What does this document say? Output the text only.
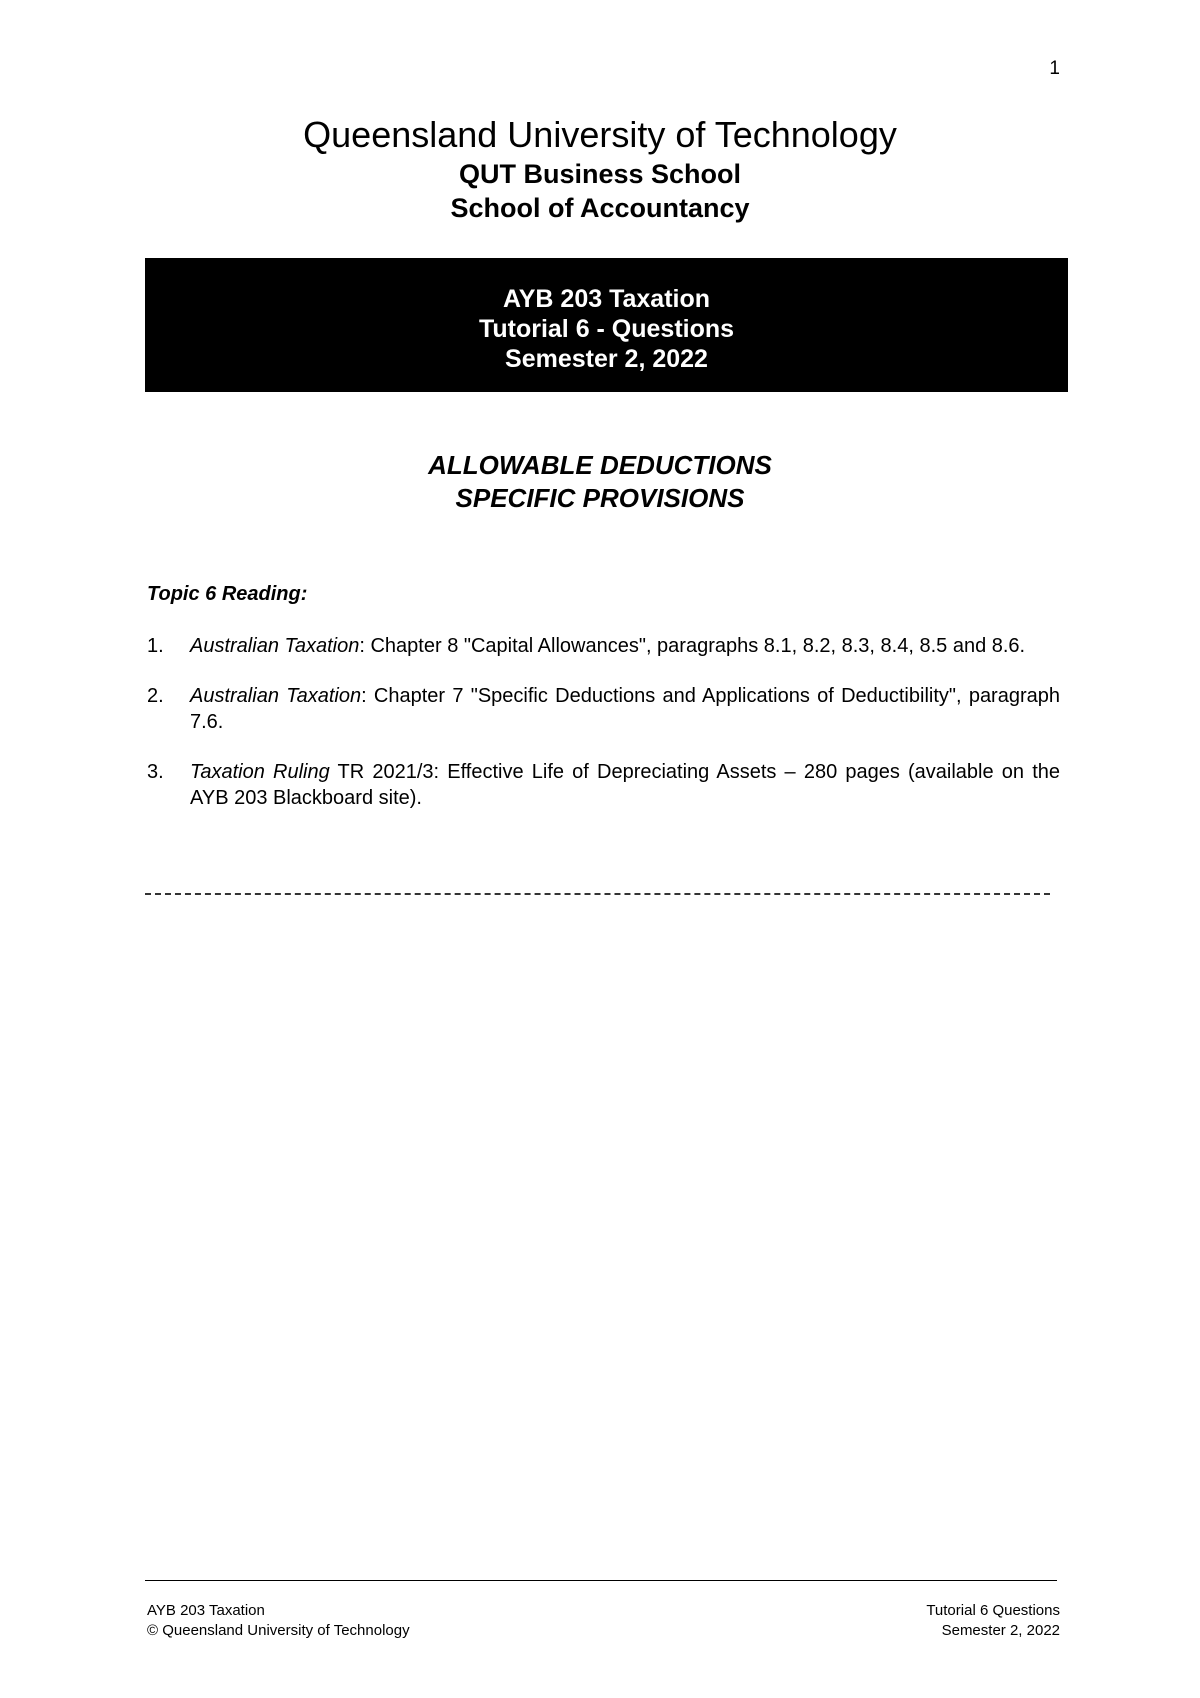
1
Queensland University of Technology
QUT Business School
School of Accountancy
AYB 203 Taxation
Tutorial 6 - Questions
Semester 2, 2022
ALLOWABLE DEDUCTIONS
SPECIFIC PROVISIONS
Topic 6 Reading:
1. Australian Taxation: Chapter 8 "Capital Allowances", paragraphs 8.1, 8.2, 8.3, 8.4, 8.5 and 8.6.
2. Australian Taxation: Chapter 7 "Specific Deductions and Applications of Deductibility", paragraph 7.6.
3. Taxation Ruling TR 2021/3: Effective Life of Depreciating Assets – 280 pages (available on the AYB 203 Blackboard site).
AYB 203 Taxation
© Queensland University of Technology
Tutorial 6 Questions
Semester 2, 2022
